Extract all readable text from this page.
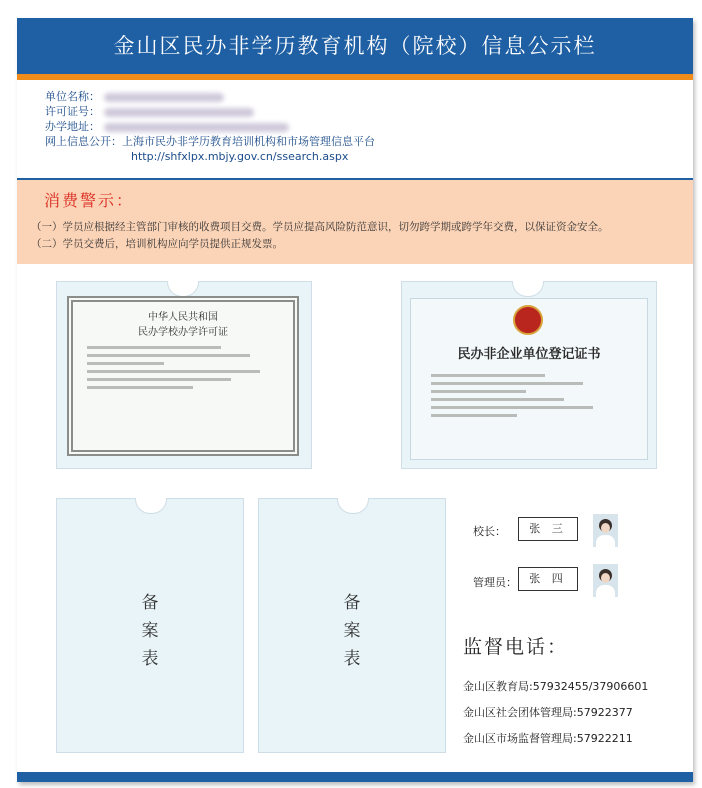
金山区民办非学历教育机构（院校）信息公示栏
单位名称：
许可证号：
办学地址：
网上信息公开：上海市民办非学历教育培训机构和市场管理信息平台
http://shfxlpx.mbjy.gov.cn/ssearch.aspx
消费警示：
（一）学员应根据经主管部门审核的收费项目交费。学员应提高风险防范意识，切勿跨学期或跨学年交费，以保证资金安全。
（二）学员交费后，培训机构应向学员提供正规发票。
中华人民共和国
民办学校办学许可证
民办非企业单位登记证书
备
案
表
备
案
表
校长：	张 三
管理员：	张 四
监督电话：
金山区教育局:57932455/37906601
金山区社会团体管理局:57922377
金山区市场监督管理局:57922211
